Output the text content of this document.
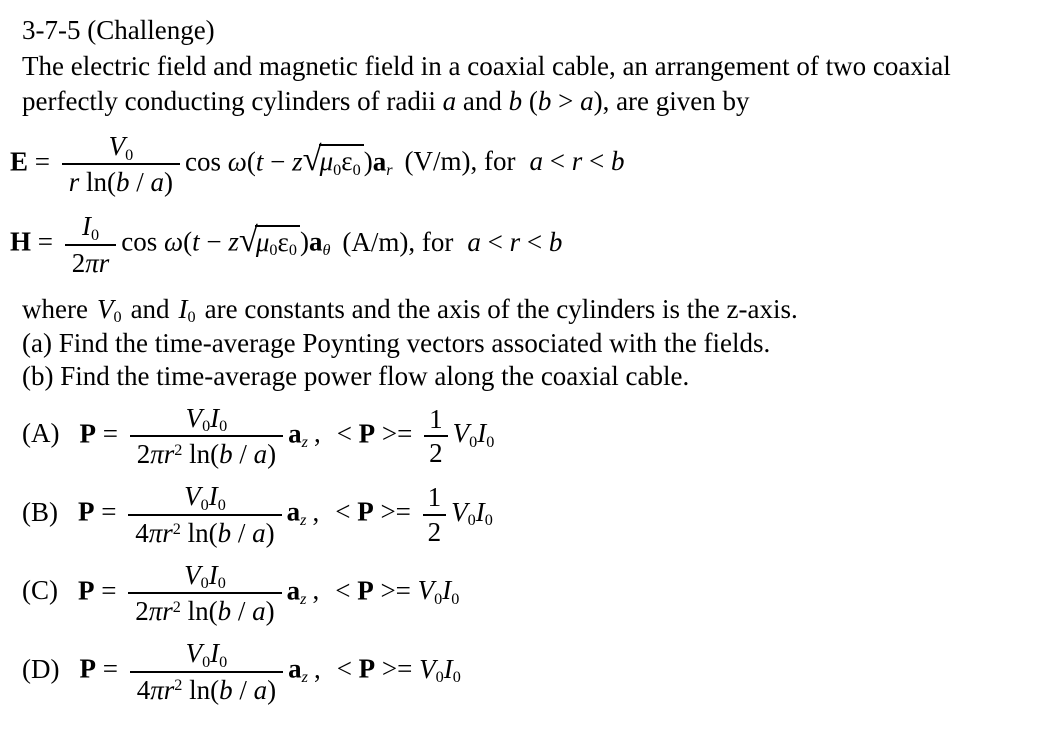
3-7-5 (Challenge)

The electric field and magnetic field in a coaxial cable, an arrangement of two coaxial

perfectly conducting cylinders of radii a and b (b > a), are given by

$E = \frac{V_0}{\text{r ln(b / a)}}$ $\cos \omega(t - z√\mu_0\varepsilon_0$ )$a_r$ (V/m), for a < r < b
$H = \frac{I_0}{2\pi r}$ $\cos \omega(t - z√\mu_0\varepsilon_0$ )$a_\theta$ (A/m), for a < r < b

where $V_0$ and $I_0$ are constants and the axis of the cylinders is the z-axis.

(a) Find the time-average Poynting vectors associated with the fields.

(b) Find the time-average power flow along the coaxial cable.

(A) $P = \frac{V_0I_0}{2\pi r^2 \ln(b / a)} a_z$ , < $P >= \frac{1}{2} V_0I_0$
(B) $P = \frac{V_0I_0}{4\pi r^2 \ln(b / a)} a_z$ , < $P >= \frac{1}{2} V_0I_0$
(C) $P = \frac{V_0I_0}{2\pi r^2 \ln(b / a)} a_z$ , < $P >= V_0I_0$
(D) $P = \frac{V_0I_0}{4\pi r^2 \ln(b / a)} a_z$ , < $P >= V_0I_0$
